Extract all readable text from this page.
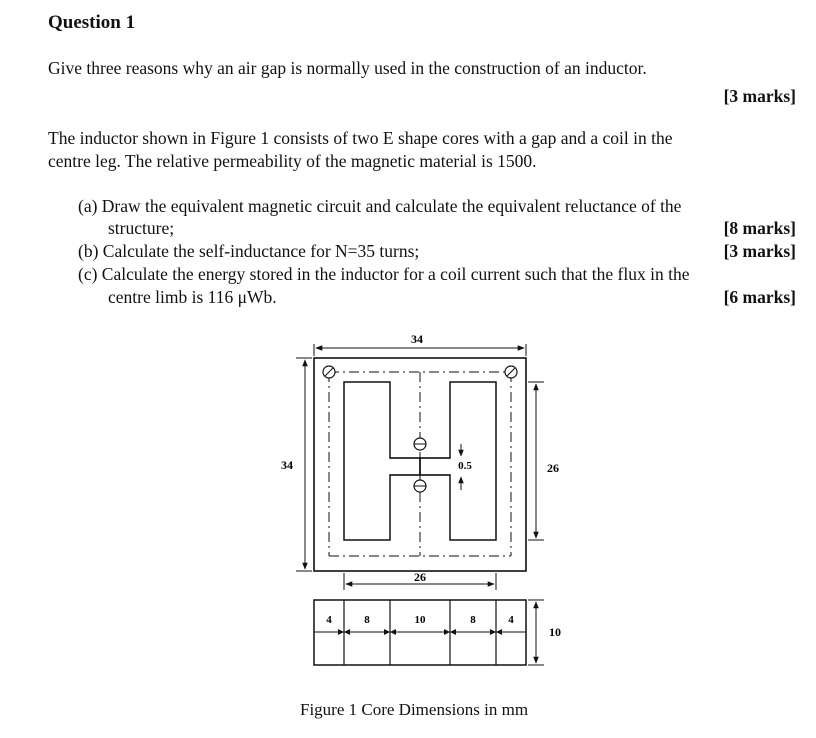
Question 1
Give three reasons why an air gap is normally used in the construction of an inductor.
[3 marks]
The inductor shown in Figure 1 consists of two E shape cores with a gap and a coil in the
centre leg. The relative permeability of the magnetic material is 1500.
(a) Draw the equivalent magnetic circuit and calculate the equivalent reluctance of the
structure;	[8 marks]
(b) Calculate the self-inductance for N=35 turns;	[3 marks]
(c) Calculate the energy stored in the inductor for a coil current such that the flux in the
centre limb is 116 μWb.	[6 marks]
34
34	26
0.5
26
4	8	10	8	4
10
Figure 1 Core Dimensions in mm
